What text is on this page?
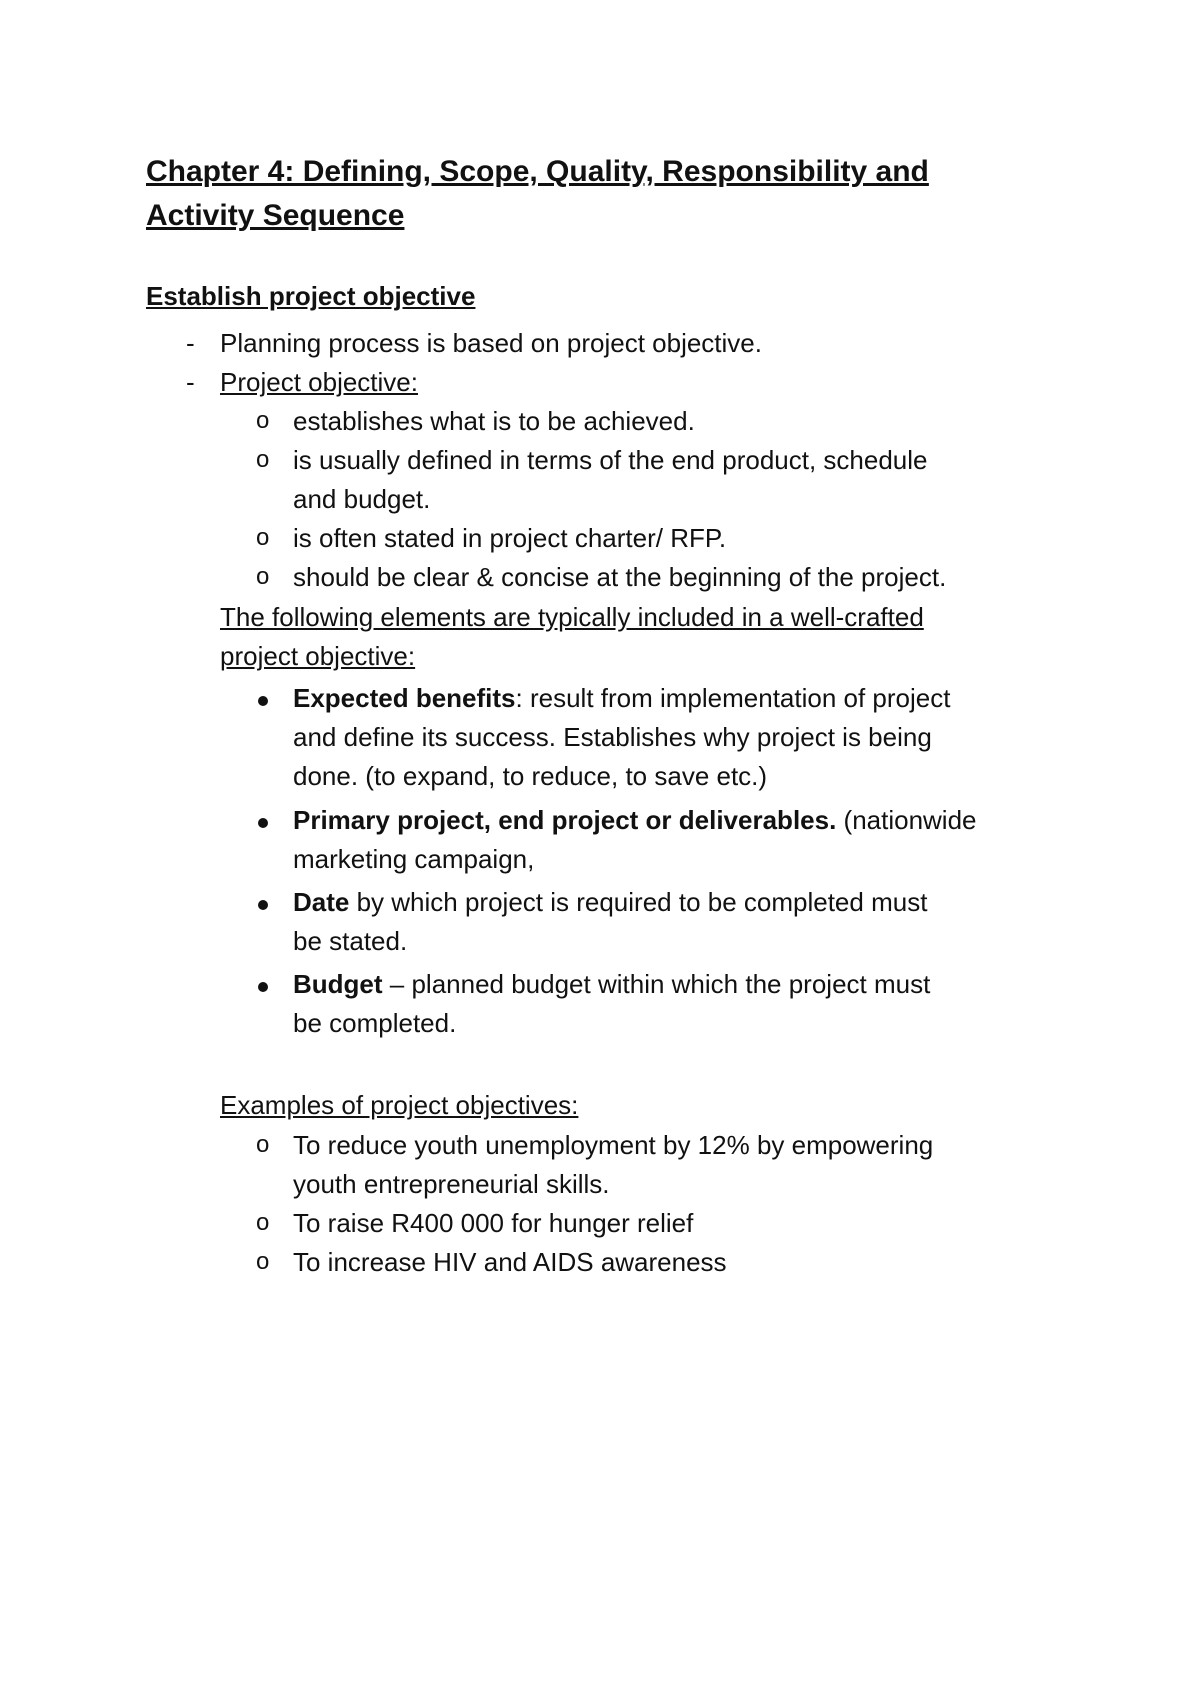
Chapter 4: Defining, Scope, Quality, Responsibility and Activity Sequence
Establish project objective
- Planning process is based on project objective.
- Project objective:
o establishes what is to be achieved.
o is usually defined in terms of the end product, schedule
and budget.
o is often stated in project charter/ RFP.
o should be clear & concise at the beginning of the project.
The following elements are typically included in a well-crafted
project objective:
Expected benefits: result from implementation of project
and define its success. Establishes why project is being
done. (to expand, to reduce, to save etc.)
Primary project, end project or deliverables. (nationwide
marketing campaign,
Date by which project is required to be completed must
be stated.
Budget – planned budget within which the project must
be completed.
Examples of project objectives:
o To reduce youth unemployment by 12% by empowering
youth entrepreneurial skills.
o To raise R400 000 for hunger relief
o To increase HIV and AIDS awareness
